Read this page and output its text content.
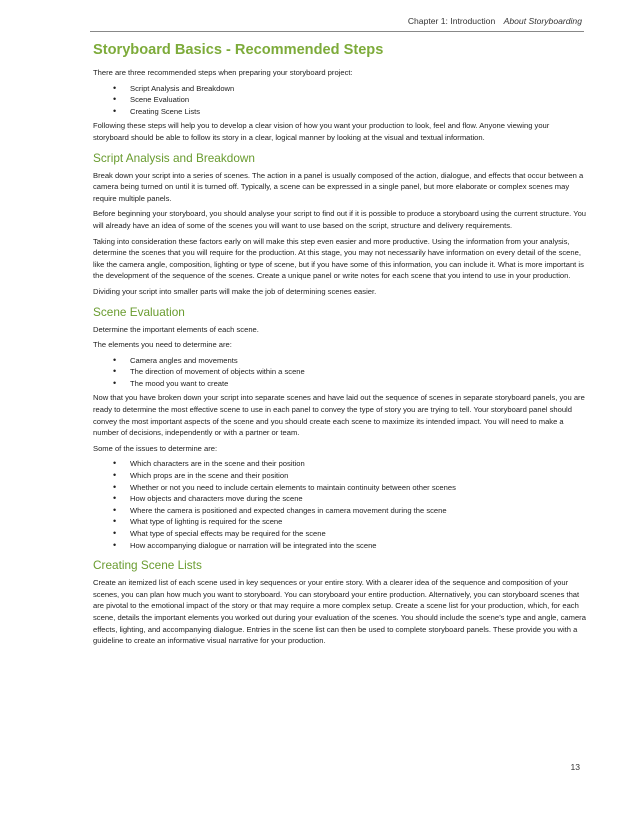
Chapter 1: Introduction About Storyboarding
Storyboard Basics - Recommended Steps

There are three recommended steps when preparing your storyboard project:

• Script Analysis and Breakdown
• Scene Evaluation
• Creating Scene Lists

Following these steps will help you to develop a clear vision of how you want your production to look, feel and flow. Anyone viewing your storyboard should be able to follow its story in a clear, logical manner by looking at the visual and textual information.

Script Analysis and Breakdown

Break down your script into a series of scenes. The action in a panel is usually composed of the action, dialogue, and effects that occur between a camera being turned on until it is turned off. Typically, a scene can be expressed in a single panel, but more elaborate or complex scenes may require multiple panels.

Before beginning your storyboard, you should analyse your script to find out if it is possible to produce a storyboard using the current structure. You will already have an idea of some of the scenes you will want to use based on the script, structure and delivery requirements.

Taking into consideration these factors early on will make this step even easier and more productive. Using the information from your analysis, determine the scenes that you will require for the production. At this stage, you may not necessarily have information on every detail of the scene, like the camera angle, composition, lighting or type of scene, but if you have some of this information, you can include it. What is more important is the development of the sequence of the scenes. Create a unique panel or write notes for each scene that you intend to use in your production.

Dividing your script into smaller parts will make the job of determining scenes easier.

Scene Evaluation

Determine the important elements of each scene.

The elements you need to determine are:

• Camera angles and movements
• The direction of movement of objects within a scene
• The mood you want to create

Now that you have broken down your script into separate scenes and have laid out the sequence of scenes in separate storyboard panels, you are ready to determine the most effective scene to use in each panel to convey the type of story you are trying to tell. Your storyboard panel should convey the most important aspects of the scene and you should create each scene to maximize its intended impact. You will need to make a number of decisions, independently or with a partner or team.

Some of the issues to determine are:

• Which characters are in the scene and their position
• Which props are in the scene and their position
• Whether or not you need to include certain elements to maintain continuity between other scenes
• How objects and characters move during the scene
• Where the camera is positioned and expected changes in camera movement during the scene
• What type of lighting is required for the scene
• What type of special effects may be required for the scene
• How accompanying dialogue or narration will be integrated into the scene
Creating Scene Lists

Create an itemized list of each scene used in key sequences or your entire story. With a clearer idea of the sequence and composition of your scenes, you can plan how much you want to storyboard. You can storyboard your entire production. Alternatively, you can storyboard scenes that are pivotal to the emotional impact of the story or that may require a more complex setup. Create a scene list for your production, which, for each scene, details the important elements you worked out during your evaluation of the scenes. You should include the scene’s type and angle, camera effects, lighting, and accompanying dialogue. Entries in the scene list can then be used to complete storyboard panels. These provide you with a guideline to create an informative visual narrative for your production.

13
